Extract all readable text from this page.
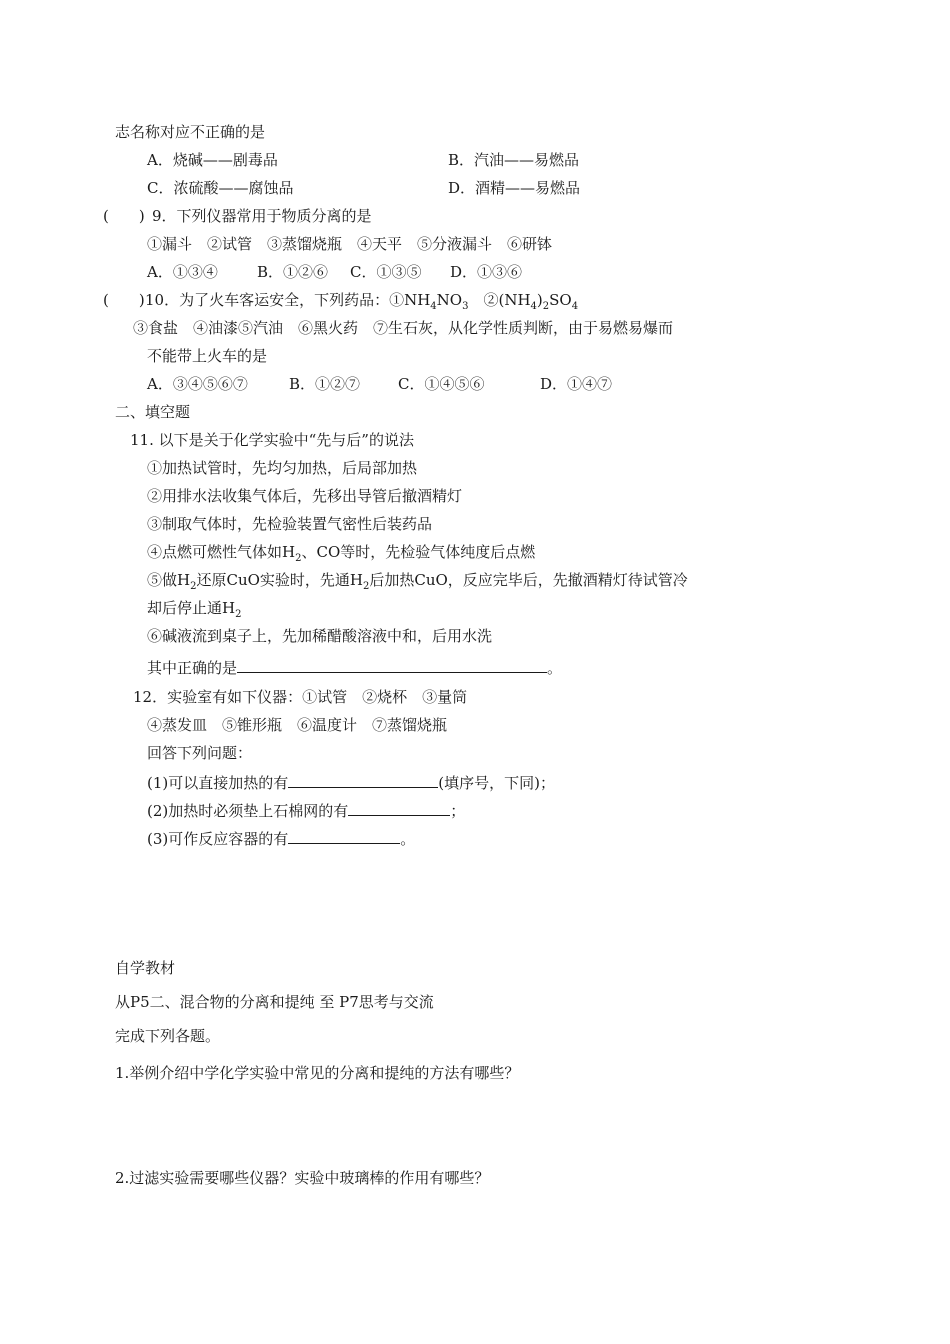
志名称对应不正确的是
A．烧碱——剧毒品	B．汽油——易燃品
C．浓硫酸——腐蚀品	D．酒精——易燃品
(　　) 9．下列仪器常用于物质分离的是
①漏斗　②试管　③蒸馏烧瓶　④天平　⑤分液漏斗　⑥研钵
A．①③④	B．①②⑥ C．①③⑤ D．①③⑥
(　　) 10．为了火车客运安全，下列药品：$①NH_4NO_3$　$②(NH_4)_2SO_4$
③食盐　④油漆⑤汽油　⑥黑火药　⑦生石灰，从化学性质判断，由于易燃易爆而
不能带上火车的是
A．③④⑤⑥⑦	B．①②⑦	C．①④⑤⑥	D．①④⑦
二、填空题
11. 以下是关于化学实验中“先与后”的说法
①加热试管时，先均匀加热，后局部加热
②用排水法收集气体后，先移出导管后撤酒精灯
③制取气体时，先检验装置气密性后装药品
④点燃可燃性气体如$H_2$、CO等时，先检验气体纯度后点燃
⑤做$H_2$还原CuO实验时，先通$H_2$后加热CuO，反应完毕后，先撤酒精灯待试管冷
却后停止通$H_2$
⑥碱液流到桌子上，先加稀醋酸溶液中和，后用水洗
其中正确的是	。
12．实验室有如下仪器：①试管　②烧杯　③量筒
④蒸发皿　⑤锥形瓶　⑥温度计　⑦蒸馏烧瓶
回答下列问题：
(1)可以直接加热的有	(填序号，下同)；
(2)加热时必须垫上石棉网的有	；
(3)可作反应容器的有	。
自学教材
从P5二、混合物的分离和提纯 至 P7思考与交流
完成下列各题。
1.举例介绍中学化学实验中常见的分离和提纯的方法有哪些？
2.过滤实验需要哪些仪器？实验中玻璃棒的作用有哪些？
